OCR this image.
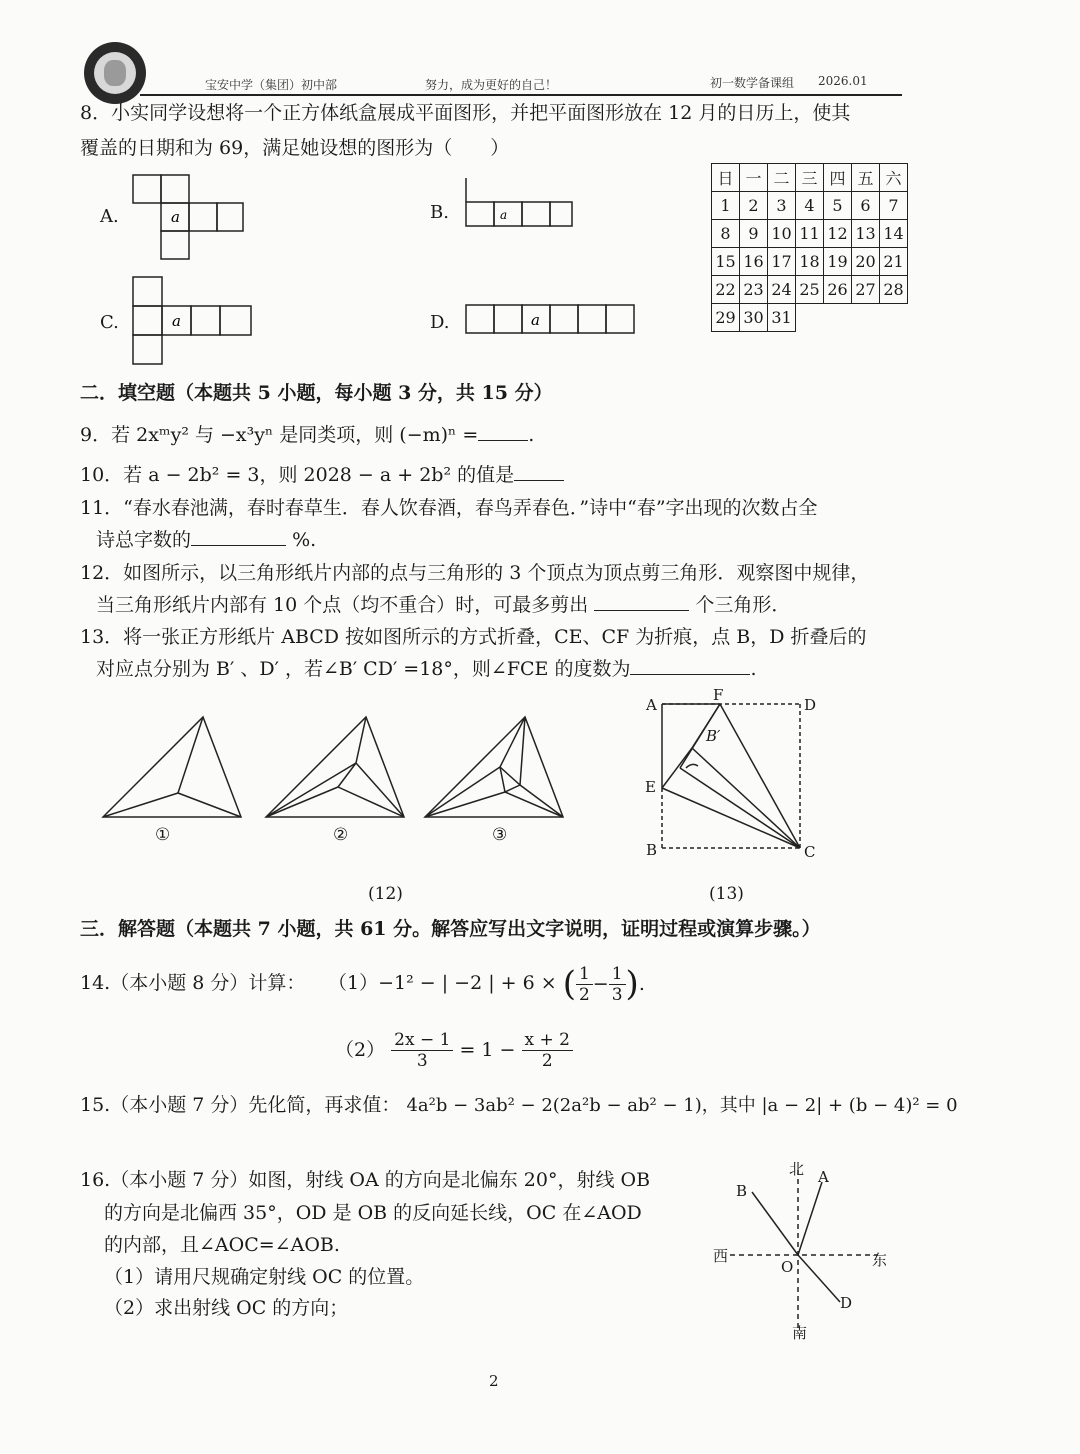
宝安中学（集团）初中部	努力，成为更好的自己！	初一数学备课组 2026.01
8．小实同学设想将一个正方体纸盒展成平面图形，并把平面图形放在 12 月的日历上，使其
覆盖的日期和为 69，满足她设想的图形为（　　）
A.	a	B.	a
C.	a	D.	a
日	一	二	三	四	五	六
1	2	3	4	5	6	7
8	9	10	11	12	13	14
15	16	17	18	19	20	21
22	23	24	25	26	27	28
29	30	31				
二．填空题（本题共 5 小题，每小题 3 分，共 15 分）
9．若 2xᵐy² 与 −x³yⁿ 是同类项，则 (−m)ⁿ =	.
10．若 a − 2b² = 3，则 2028 − a + 2b² 的值是
11．“春水春池满，春时春草生．春人饮春酒，春鸟弄春色．”诗中“春”字出现的次数占全
诗总字数的	%.
12．如图所示，以三角形纸片内部的点与三角形的 3 个顶点为顶点剪三角形．观察图中规律，
当三角形纸片内部有 10 个点（均不重合）时，可最多剪出	个三角形．
13．将一张正方形纸片 ABCD 按如图所示的方式折叠，CE、CF 为折痕，点 B，D 折叠后的
对应点分别为 B′ 、D′ ，若∠B′ CD′ =18°，则∠FCE 的度数为	.
①	②	③
(12)
A
F
D
B′
E
B	C
(13)
三．解答题（本题共 7 小题，共 61 分。解答应写出文字说明，证明过程或演算步骤。）
14.（本小题 8 分）计算： （1）−1² − | −2 | + 6 × ( $\frac{1}{2} - \frac{1}{3}$ ).
$(2) \frac{2x - 1}{3} = 1 - \frac{x + 2}{2}$
15.（本小题 7 分）先化简，再求值： 4a²b − 3ab² − 2(2a²b − ab² − 1)，其中 |a − 2| + (b − 4)² = 0
16.（本小题 7 分）如图，射线 OA 的方向是北偏东 20°，射线 OB
的方向是北偏西 35°，OD 是 OB 的反向延长线，OC 在∠AOD
的内部，且∠AOC=∠AOB.
（1）请用尺规确定射线 OC 的位置。
（2）求出射线 OC 的方向；
北
南
西	东
O
A
B
D
2
